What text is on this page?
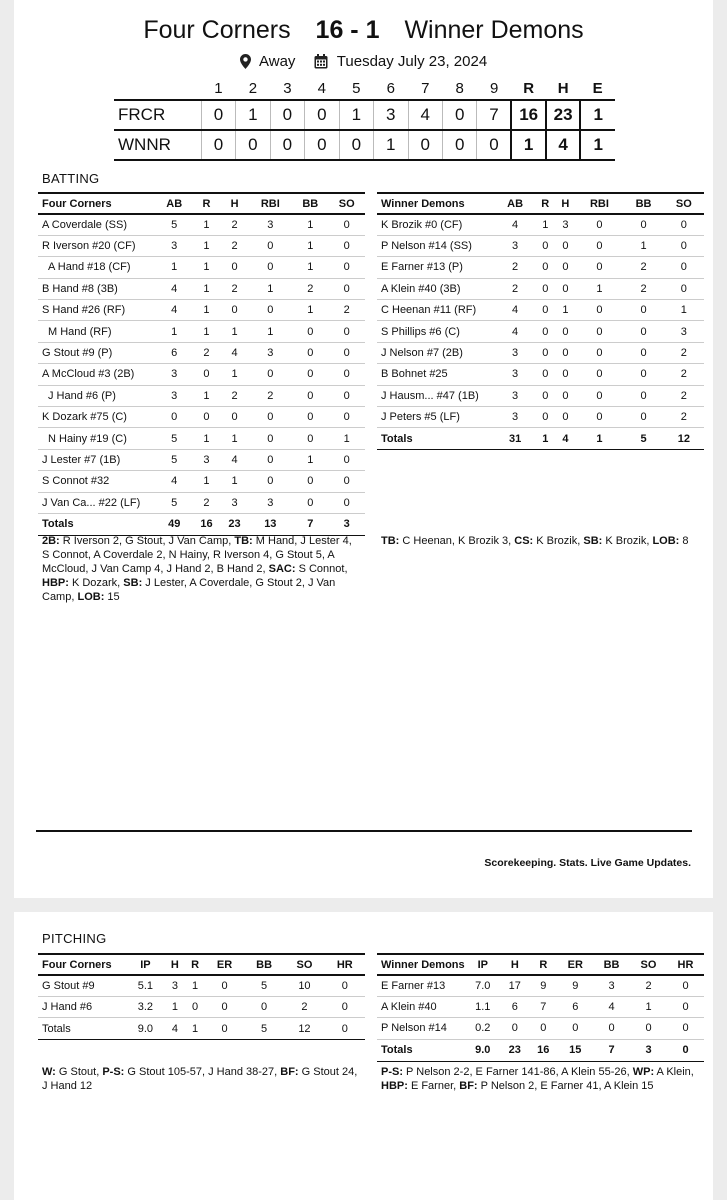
Four Corners 16 - 1 Winner Demons
Away	Tuesday July 23, 2024
	1	2	3	4	5	6	7	8	9	R	H	E
FRCR	0	1	0	0	1	3	4	0	7	16	23	1
WNNR	0	0	0	0	0	1	0	0	0	1	4	1
BATTING
Four Corners	AB	R	H	RBI	BB	SO
A Coverdale (SS)	5	1	2	3	1	0
R Iverson #20 (CF)	3	1	2	0	1	0
A Hand #18 (CF)	1	1	0	0	1	0
B Hand #8 (3B)	4	1	2	1	2	0
S Hand #26 (RF)	4	1	0	0	1	2
M Hand (RF)	1	1	1	1	0	0
G Stout #9 (P)	6	2	4	3	0	0
A McCloud #3 (2B)	3	0	1	0	0	0
J Hand #6 (P)	3	1	2	2	0	0
K Dozark #75 (C)	0	0	0	0	0	0
N Hainy #19 (C)	5	1	1	0	0	1
J Lester #7 (1B)	5	3	4	0	1	0
S Connot #32	4	1	1	0	0	0
J Van Ca... #22 (LF)	5	2	3	3	0	0
Totals	49	16	23	13	7	3
Winner Demons	AB	R	H	RBI	BB	SO
K Brozik #0 (CF)	4	1	3	0	0	0
P Nelson #14 (SS)	3	0	0	0	1	0
E Farner #13 (P)	2	0	0	0	2	0
A Klein #40 (3B)	2	0	0	1	2	0
C Heenan #11 (RF)	4	0	1	0	0	1
S Phillips #6 (C)	4	0	0	0	0	3
J Nelson #7 (2B)	3	0	0	0	0	2
B Bohnet #25	3	0	0	0	0	2
J Hausm... #47 (1B)	3	0	0	0	0	2
J Peters #5 (LF)	3	0	0	0	0	2
Totals	31	1	4	1	5	12
2B: R Iverson 2, G Stout, J Van Camp, TB: M Hand, J Lester 4, S Connot, A Coverdale 2, N Hainy, R Iverson 4, G Stout 5, A McCloud, J Van Camp 4, J Hand 2, B Hand 2, SAC: S Connot, HBP: K Dozark, SB: J Lester, A Coverdale, G Stout 2, J Van Camp, LOB: 15
TB: C Heenan, K Brozik 3, CS: K Brozik, SB: K Brozik, LOB: 8
Scorekeeping. Stats. Live Game Updates.
PITCHING
Four Corners	IP	H	R	ER	BB	SO	HR
G Stout #9	5.1	3	1	0	5	10	0
J Hand #6	3.2	1	0	0	0	2	0
Totals	9.0	4	1	0	5	12	0
Winner Demons	IP	H	R	ER	BB	SO	HR
E Farner #13	7.0	17	9	9	3	2	0
A Klein #40	1.1	6	7	6	4	1	0
P Nelson #14	0.2	0	0	0	0	0	0
Totals	9.0	23	16	15	7	3	0
W: G Stout, P-S: G Stout 105-57, J Hand 38-27, BF: G Stout 24, J Hand 12
P-S: P Nelson 2-2, E Farner 141-86, A Klein 55-26, WP: A Klein, HBP: E Farner, BF: P Nelson 2, E Farner 41, A Klein 15
